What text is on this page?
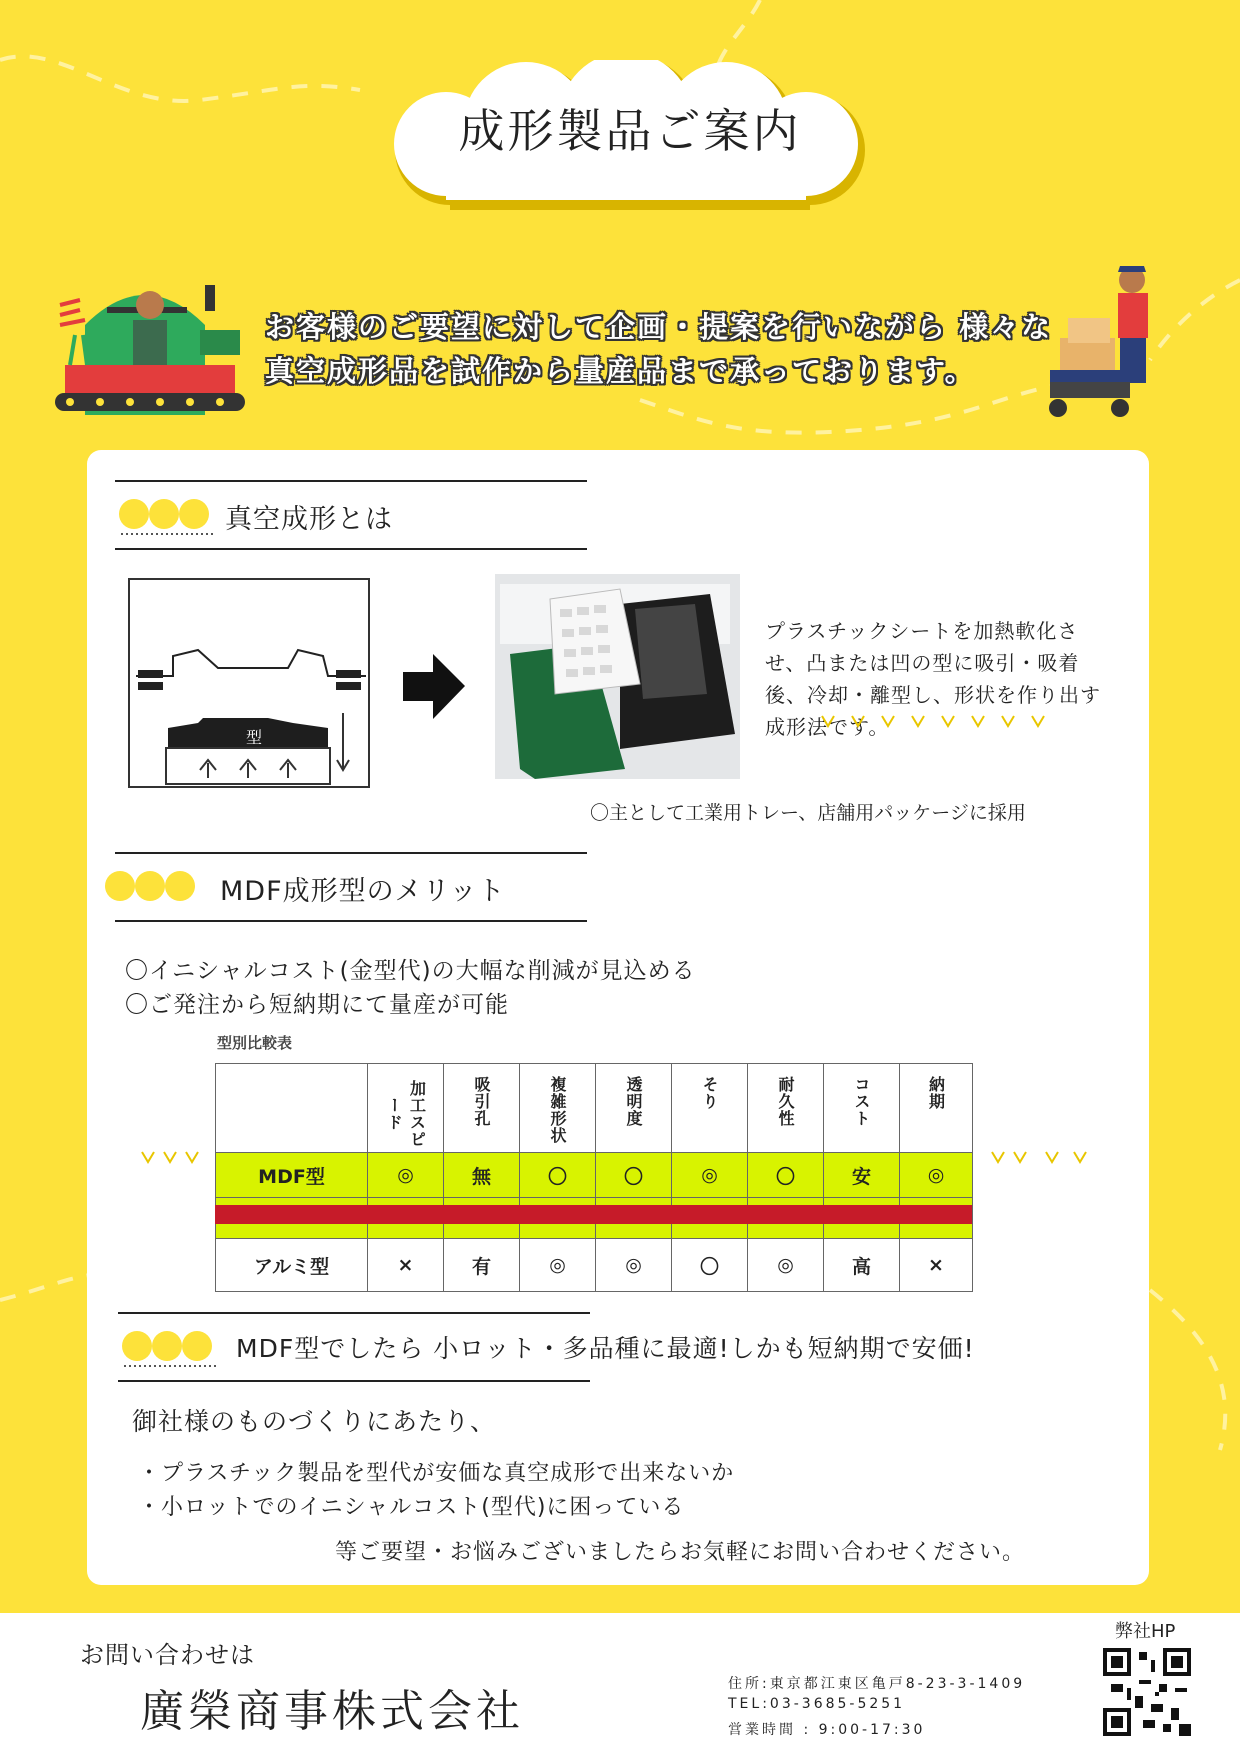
成形製品ご案内
お客様のご要望に対して企画・提案を行いながら 様々な
真空成形品を試作から量産品まで承っております。
真空成形とは
型
プラスチックシートを加熱軟化させ、凸または凹の型に吸引・吸着後、冷却・離型し、形状を作り出す成形法です。
〇主として工業用トレー、店舗用パッケージに採用
MDF成形型のメリット
〇イニシャルコスト(金型代)の大幅な削減が見込める
〇ご発注から短納期にて量産が可能
型別比較表

	加工スピード	吸引孔	複雑形状	透明度	そり	耐久性	コスト	納期

MDF型	◎	無	〇	〇	◎	〇	安	◎

アルミ型	×	有	◎	◎	〇	◎	高	×
MDF型でしたら 小ロット・多品種に最適!しかも短納期で安価!
御社様のものづくりにあたり、
・プラスチック製品を型代が安価な真空成形で出来ないか
・小ロットでのイニシャルコスト(型代)に困っている
等ご要望・お悩みございましたらお気軽にお問い合わせください。
お問い合わせは
廣榮商事株式会社
住所:東京都江東区亀戸8-23-3-1409
TEL:03-3685-5251
営業時間 : 9:00-17:30
弊社HP
